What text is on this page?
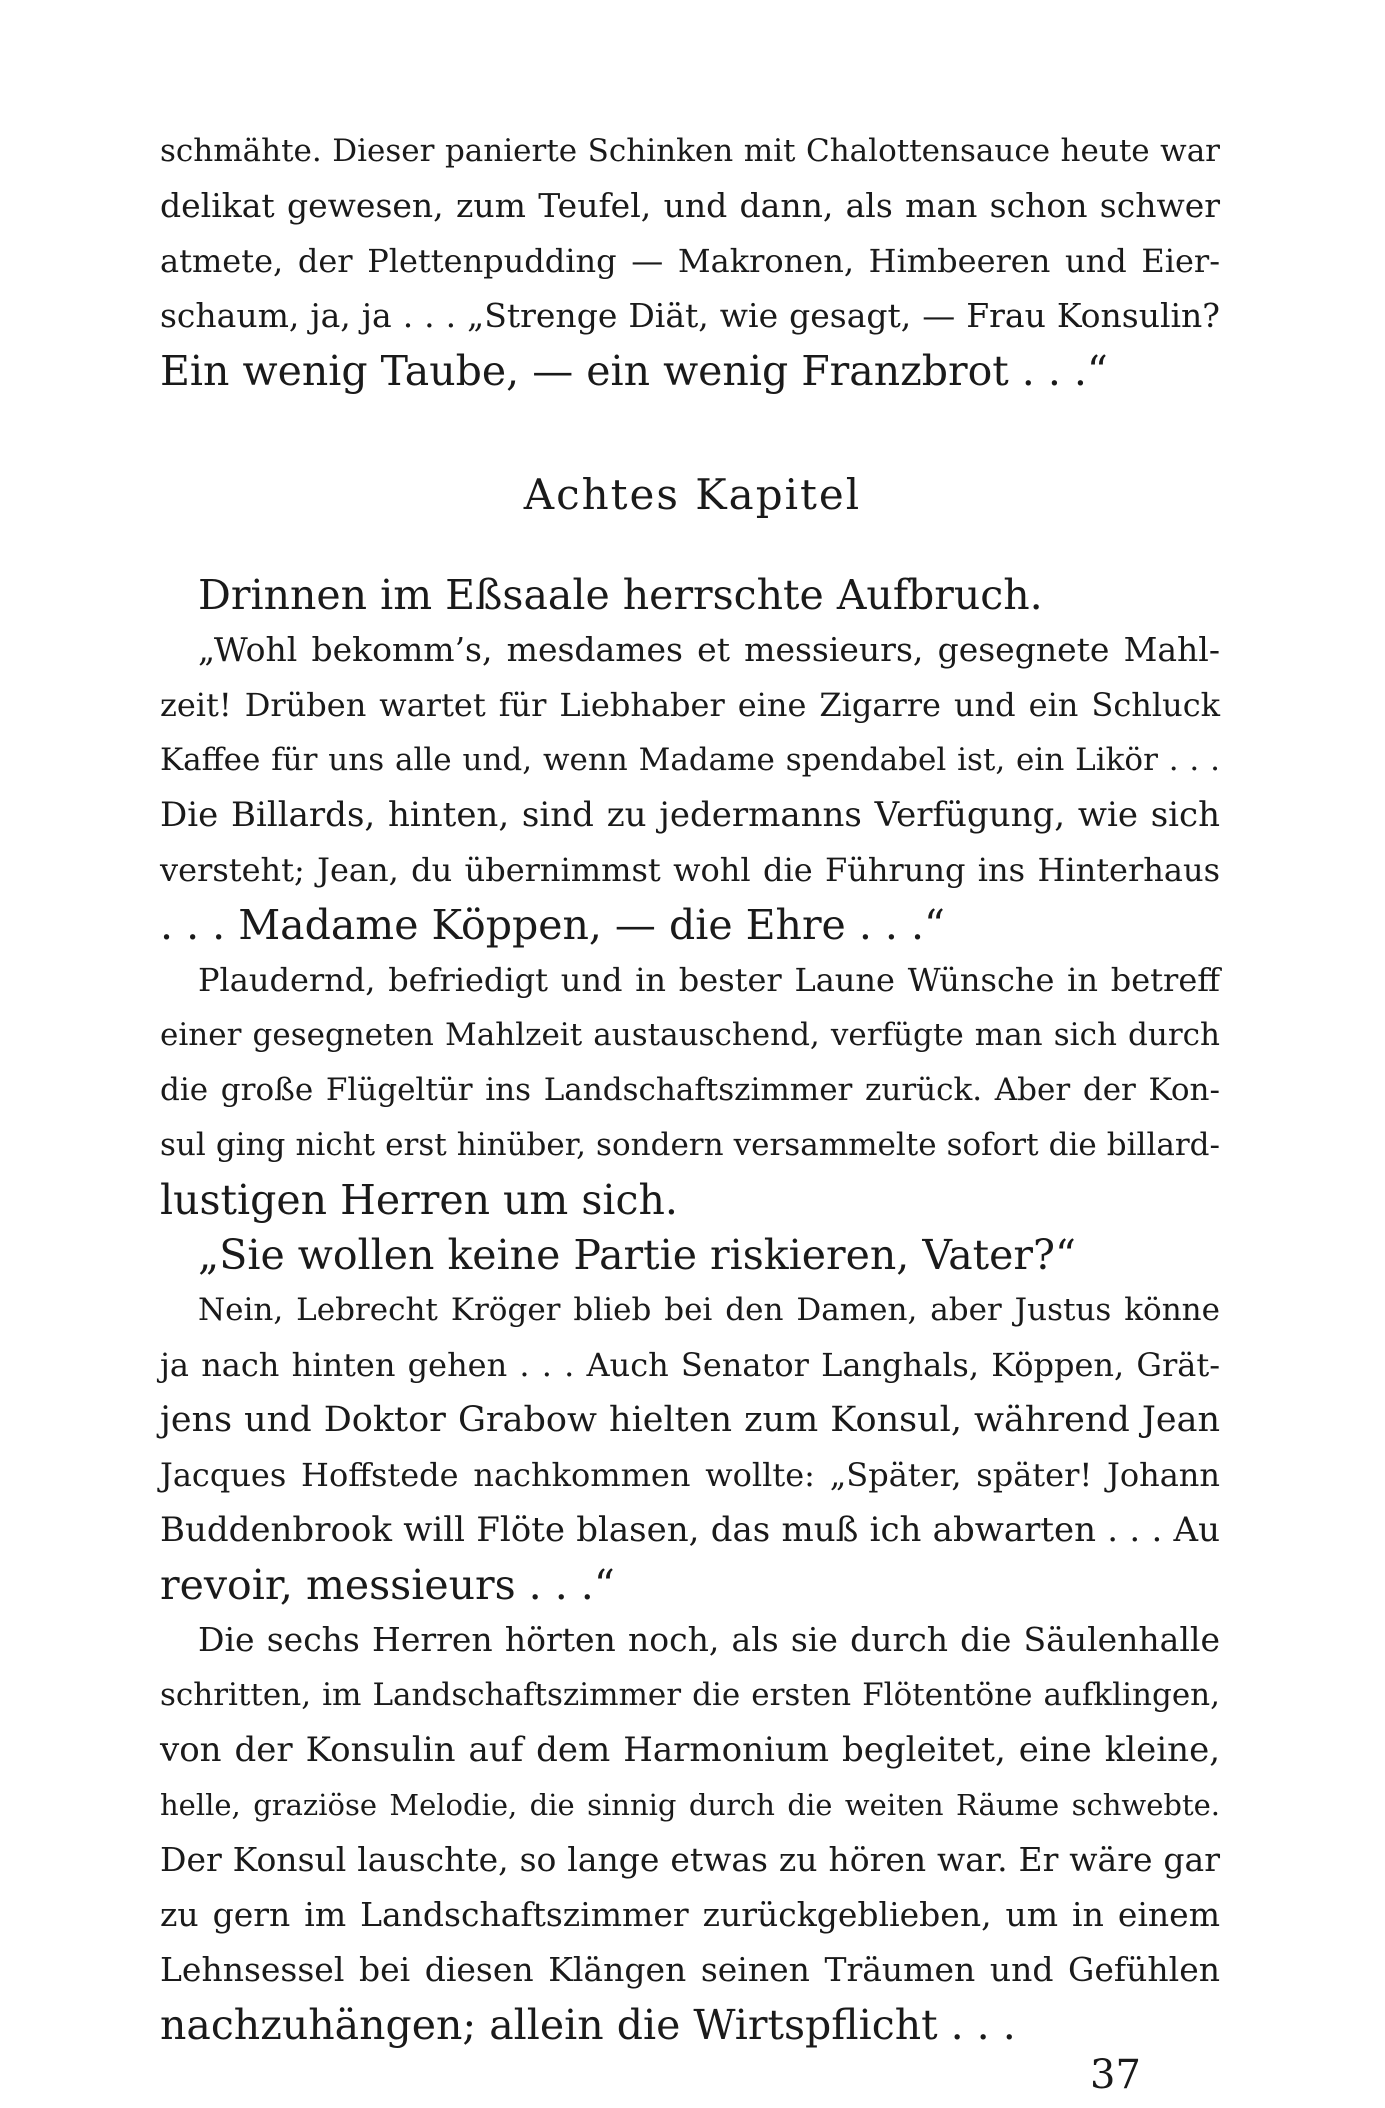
schmähte. Dieser panierte Schinken mit Chalottensauce heute war
delikat gewesen, zum Teufel, und dann, als man schon schwer
atmete, der Plettenpudding — Makronen, Himbeeren und Eier-
schaum, ja, ja . . . „Strenge Diät, wie gesagt, — Frau Konsulin?
Ein wenig Taube, — ein wenig Franzbrot . . .“
Achtes Kapitel
Drinnen im Eßsaale herrschte Aufbruch.
„Wohl bekomm’s, mesdames et messieurs, gesegnete Mahl-
zeit! Drüben wartet für Liebhaber eine Zigarre und ein Schluck
Kaffee für uns alle und, wenn Madame spendabel ist, ein Likör . . .
Die Billards, hinten, sind zu jedermanns Verfügung, wie sich
versteht; Jean, du übernimmst wohl die Führung ins Hinterhaus
. . . Madame Köppen, — die Ehre . . .“
Plaudernd, befriedigt und in bester Laune Wünsche in betreff
einer gesegneten Mahlzeit austauschend, verfügte man sich durch
die große Flügeltür ins Landschaftszimmer zurück. Aber der Kon-
sul ging nicht erst hinüber, sondern versammelte sofort die billard-
lustigen Herren um sich.
„Sie wollen keine Partie riskieren, Vater?“
Nein, Lebrecht Kröger blieb bei den Damen, aber Justus könne
ja nach hinten gehen . . . Auch Senator Langhals, Köppen, Grät-
jens und Doktor Grabow hielten zum Konsul, während Jean
Jacques Hoffstede nachkommen wollte: „Später, später! Johann
Buddenbrook will Flöte blasen, das muß ich abwarten . . . Au
revoir, messieurs . . .“
Die sechs Herren hörten noch, als sie durch die Säulenhalle
schritten, im Landschaftszimmer die ersten Flötentöne aufklingen,
von der Konsulin auf dem Harmonium begleitet, eine kleine,
helle, graziöse Melodie, die sinnig durch die weiten Räume schwebte.
Der Konsul lauschte, so lange etwas zu hören war. Er wäre gar
zu gern im Landschaftszimmer zurückgeblieben, um in einem
Lehnsessel bei diesen Klängen seinen Träumen und Gefühlen
nachzuhängen; allein die Wirtspflicht . . .
37
